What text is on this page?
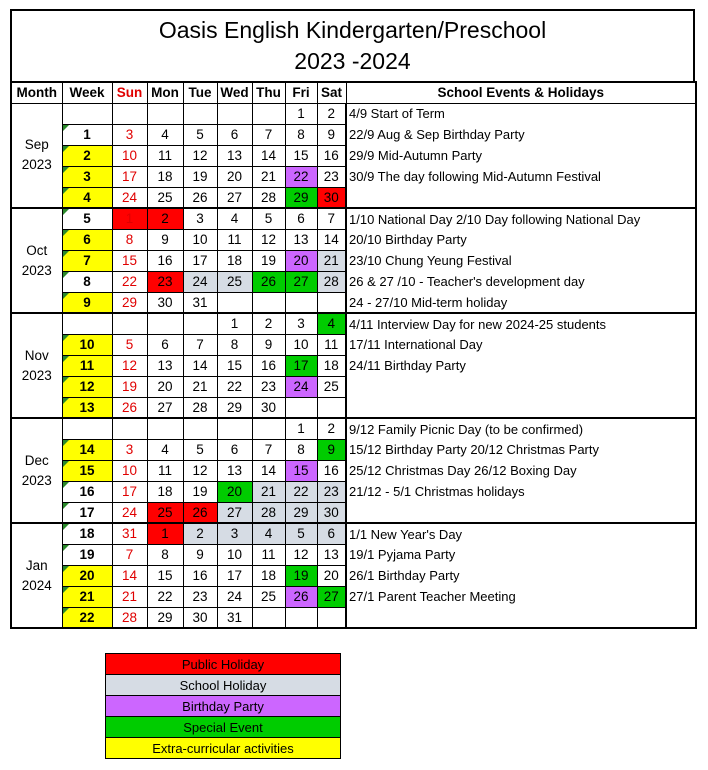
Oasis English Kindergarten/Preschool
2023 -2024
Month	Week	Sun	Mon	Tue	Wed	Thu	Fri	Sat	School Events & Holidays

Sep
2023							1	2	4/9 Start of Term
	1	3	4	5	6	7	8	9	22/9 Aug & Sep Birthday Party
	2	10	11	12	13	14	15	16	29/9 Mid-Autumn Party
	3	17	18	19	20	21	22	23	30/9 The day following Mid-Autumn Festival
	4	24	25	26	27	28	29	30	

Oct
2023	5	1	2	3	4	5	6	7	1/10 National Day 2/10 Day following National Day
	6	8	9	10	11	12	13	14	20/10 Birthday Party
	7	15	16	17	18	19	20	21	23/10 Chung Yeung Festival
	8	22	23	24	25	26	27	28	26 & 27 /10 - Teacher's development day
	9	29	30	31					24 - 27/10 Mid-term holiday

Nov
2023					1	2	3	4	4/11 Interview Day for new 2024-25 students
	10	5	6	7	8	9	10	11	17/11 International Day
	11	12	13	14	15	16	17	18	24/11 Birthday Party
	12	19	20	21	22	23	24	25	
	13	26	27	28	29	30			

Dec
2023							1	2	9/12 Family Picnic Day (to be confirmed)
	14	3	4	5	6	7	8	9	15/12 Birthday Party 20/12 Christmas Party
	15	10	11	12	13	14	15	16	25/12 Christmas Day 26/12 Boxing Day
	16	17	18	19	20	21	22	23	21/12 - 5/1 Christmas holidays
	17	24	25	26	27	28	29	30	

Jan
2024	18	31	1	2	3	4	5	6	1/1 New Year's Day
	19	7	8	9	10	11	12	13	19/1 Pyjama Party
	20	14	15	16	17	18	19	20	26/1 Birthday Party
	21	21	22	23	24	25	26	27	27/1 Parent Teacher Meeting
	22	28	29	30	31				
Public Holiday
School Holiday
Birthday Party
Special Event
Extra-curricular activities
